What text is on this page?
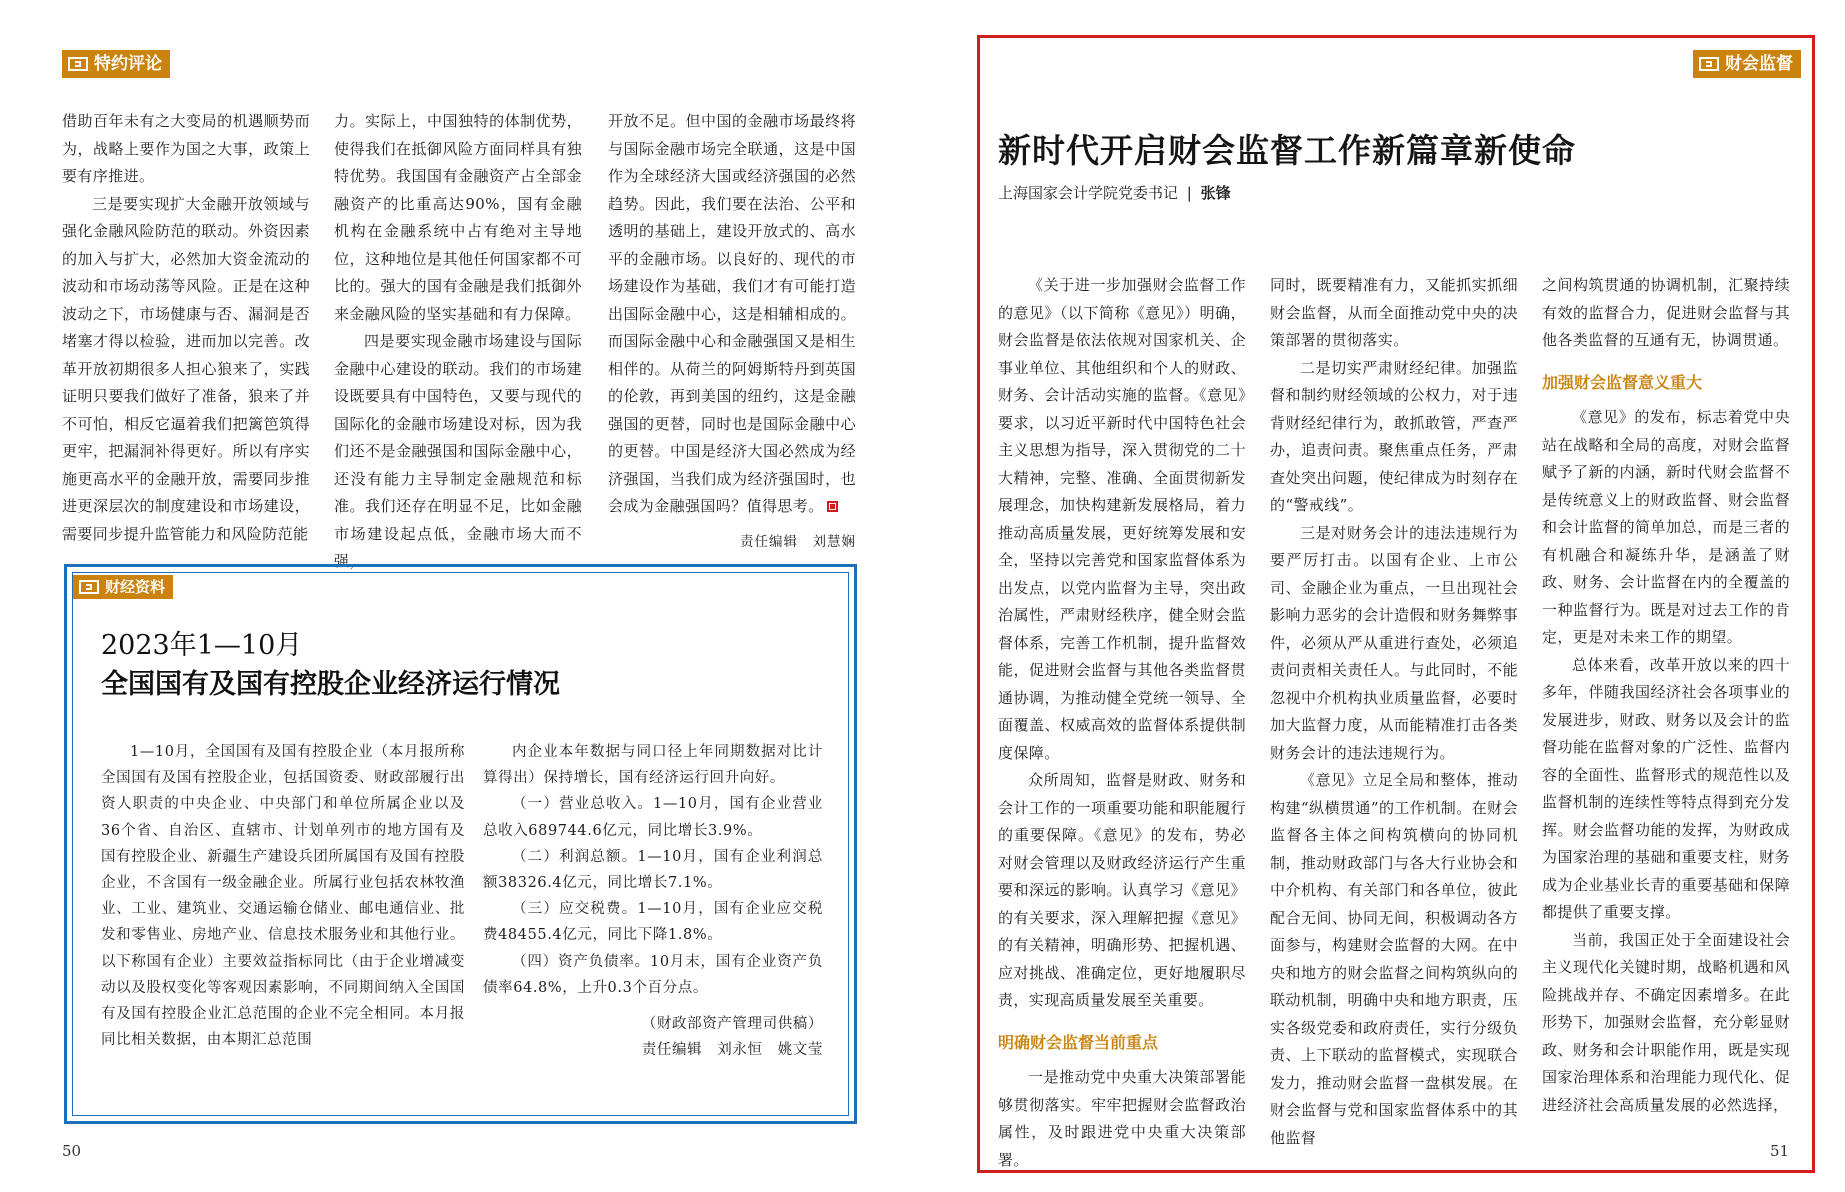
特约评论

借助百年未有之大变局的机遇顺势而为，战略上要作为国之大事，政策上要有序推进。

三是要实现扩大金融开放领域与强化金融风险防范的联动。外资因素的加入与扩大，必然加大资金流动的波动和市场动荡等风险。正是在这种波动之下，市场健康与否、漏洞是否堵塞才得以检验，进而加以完善。改革开放初期很多人担心狼来了，实践证明只要我们做好了准备，狼来了并不可怕，相反它逼着我们把篱笆筑得更牢，把漏洞补得更好。所以有序实施更高水平的金融开放，需要同步推进更深层次的制度建设和市场建设，需要同步提升监管能力和风险防范能

力。实际上，中国独特的体制优势，使得我们在抵御风险方面同样具有独特优势。我国国有金融资产占全部金融资产的比重高达90%，国有金融机构在金融系统中占有绝对主导地位，这种地位是其他任何国家都不可比的。强大的国有金融是我们抵御外来金融风险的坚实基础和有力保障。

四是要实现金融市场建设与国际金融中心建设的联动。我们的市场建设既要具有中国特色，又要与现代的国际化的金融市场建设对标，因为我们还不是金融强国和国际金融中心，还没有能力主导制定金融规范和标准。我们还存在明显不足，比如金融市场建设起点低，金融市场大而不强，

开放不足。但中国的金融市场最终将与国际金融市场完全联通，这是中国作为全球经济大国或经济强国的必然趋势。因此，我们要在法治、公平和透明的基础上，建设开放式的、高水平的金融市场。以良好的、现代的市场建设作为基础，我们才有可能打造出国际金融中心，这是相辅相成的。而国际金融中心和金融强国又是相生相伴的。从荷兰的阿姆斯特丹到英国的伦敦，再到美国的纽约，这是金融强国的更替，同时也是国际金融中心的更替。中国是经济大国必然成为经济强国，当我们成为经济强国时，也会成为金融强国吗？值得思考。

责任编辑　刘慧娴
财经资料
2023年1—10月
全国国有及国有控股企业经济运行情况

1—10月，全国国有及国有控股企业（本月报所称全国国有及国有控股企业，包括国资委、财政部履行出资人职责的中央企业、中央部门和单位所属企业以及36个省、自治区、直辖市、计划单列市的地方国有及国有控股企业、新疆生产建设兵团所属国有及国有控股企业，不含国有一级金融企业。所属行业包括农林牧渔业、工业、建筑业、交通运输仓储业、邮电通信业、批发和零售业、房地产业、信息技术服务业和其他行业。以下称国有企业）主要效益指标同比（由于企业增减变动以及股权变化等客观因素影响，不同期间纳入全国国有及国有控股企业汇总范围的企业不完全相同。本月报同比相关数据，由本期汇总范围

内企业本年数据与同口径上年同期数据对比计算得出）保持增长，国有经济运行回升向好。

（一）营业总收入。1—10月，国有企业营业总收入689744.6亿元，同比增长3.9%。

（二）利润总额。1—10月，国有企业利润总额38326.4亿元，同比增长7.1%。

（三）应交税费。1—10月，国有企业应交税费48455.4亿元，同比下降1.8%。

（四）资产负债率。10月末，国有企业资产负债率64.8%，上升0.3个百分点。

（财政部资产管理司供稿）
责任编辑　刘永恒　姚文莹
50
财会监督
新时代开启财会监督工作新篇章新使命
上海国家会计学院党委书记 | 张锋

《关于进一步加强财会监督工作的意见》（以下简称《意见》）明确，财会监督是依法依规对国家机关、企事业单位、其他组织和个人的财政、财务、会计活动实施的监督。《意见》要求，以习近平新时代中国特色社会主义思想为指导，深入贯彻党的二十大精神，完整、准确、全面贯彻新发展理念，加快构建新发展格局，着力推动高质量发展，更好统筹发展和安全，坚持以完善党和国家监督体系为出发点，以党内监督为主导，突出政治属性，严肃财经秩序，健全财会监督体系，完善工作机制，提升监督效能，促进财会监督与其他各类监督贯通协调，为推动健全党统一领导、全面覆盖、权威高效的监督体系提供制度保障。

众所周知，监督是财政、财务和会计工作的一项重要功能和职能履行的重要保障。《意见》的发布，势必对财会管理以及财政经济运行产生重要和深远的影响。认真学习《意见》的有关要求，深入理解把握《意见》的有关精神，明确形势、把握机遇、应对挑战、准确定位，更好地履职尽责，实现高质量发展至关重要。

明确财会监督当前重点

一是推动党中央重大决策部署能够贯彻落实。牢牢把握财会监督政治属性，及时跟进党中央重大决策部署。

同时，既要精准有力，又能抓实抓细财会监督，从而全面推动党中央的决策部署的贯彻落实。

二是切实严肃财经纪律。加强监督和制约财经领域的公权力，对于违背财经纪律行为，敢抓敢管，严查严办，追责问责。聚焦重点任务，严肃查处突出问题，使纪律成为时刻存在的“警戒线”。

三是对财务会计的违法违规行为要严厉打击。以国有企业、上市公司、金融企业为重点，一旦出现社会影响力恶劣的会计造假和财务舞弊事件，必须从严从重进行查处，必须追责问责相关责任人。与此同时，不能忽视中介机构执业质量监督，必要时加大监督力度，从而能精准打击各类财务会计的违法违规行为。

《意见》立足全局和整体，推动构建“纵横贯通”的工作机制。在财会监督各主体之间构筑横向的协同机制，推动财政部门与各大行业协会和中介机构、有关部门和各单位，彼此配合无间、协同无间，积极调动各方面参与，构建财会监督的大网。在中央和地方的财会监督之间构筑纵向的联动机制，明确中央和地方职责，压实各级党委和政府责任，实行分级负责、上下联动的监督模式，实现联合发力，推动财会监督一盘棋发展。在财会监督与党和国家监督体系中的其他监督

之间构筑贯通的协调机制，汇聚持续有效的监督合力，促进财会监督与其他各类监督的互通有无，协调贯通。

加强财会监督意义重大

《意见》的发布，标志着党中央站在战略和全局的高度，对财会监督赋予了新的内涵，新时代财会监督不是传统意义上的财政监督、财会监督和会计监督的简单加总，而是三者的有机融合和凝练升华，是涵盖了财政、财务、会计监督在内的全覆盖的一种监督行为。既是对过去工作的肯定，更是对未来工作的期望。

总体来看，改革开放以来的四十多年，伴随我国经济社会各项事业的发展进步，财政、财务以及会计的监督功能在监督对象的广泛性、监督内容的全面性、监督形式的规范性以及监督机制的连续性等特点得到充分发挥。财会监督功能的发挥，为财政成为国家治理的基础和重要支柱，财务成为企业基业长青的重要基础和保障都提供了重要支撑。

当前，我国正处于全面建设社会主义现代化关键时期，战略机遇和风险挑战并存、不确定因素增多。在此形势下，加强财会监督，充分彰显财政、财务和会计职能作用，既是实现国家治理体系和治理能力现代化、促进经济社会高质量发展的必然选择，

51
